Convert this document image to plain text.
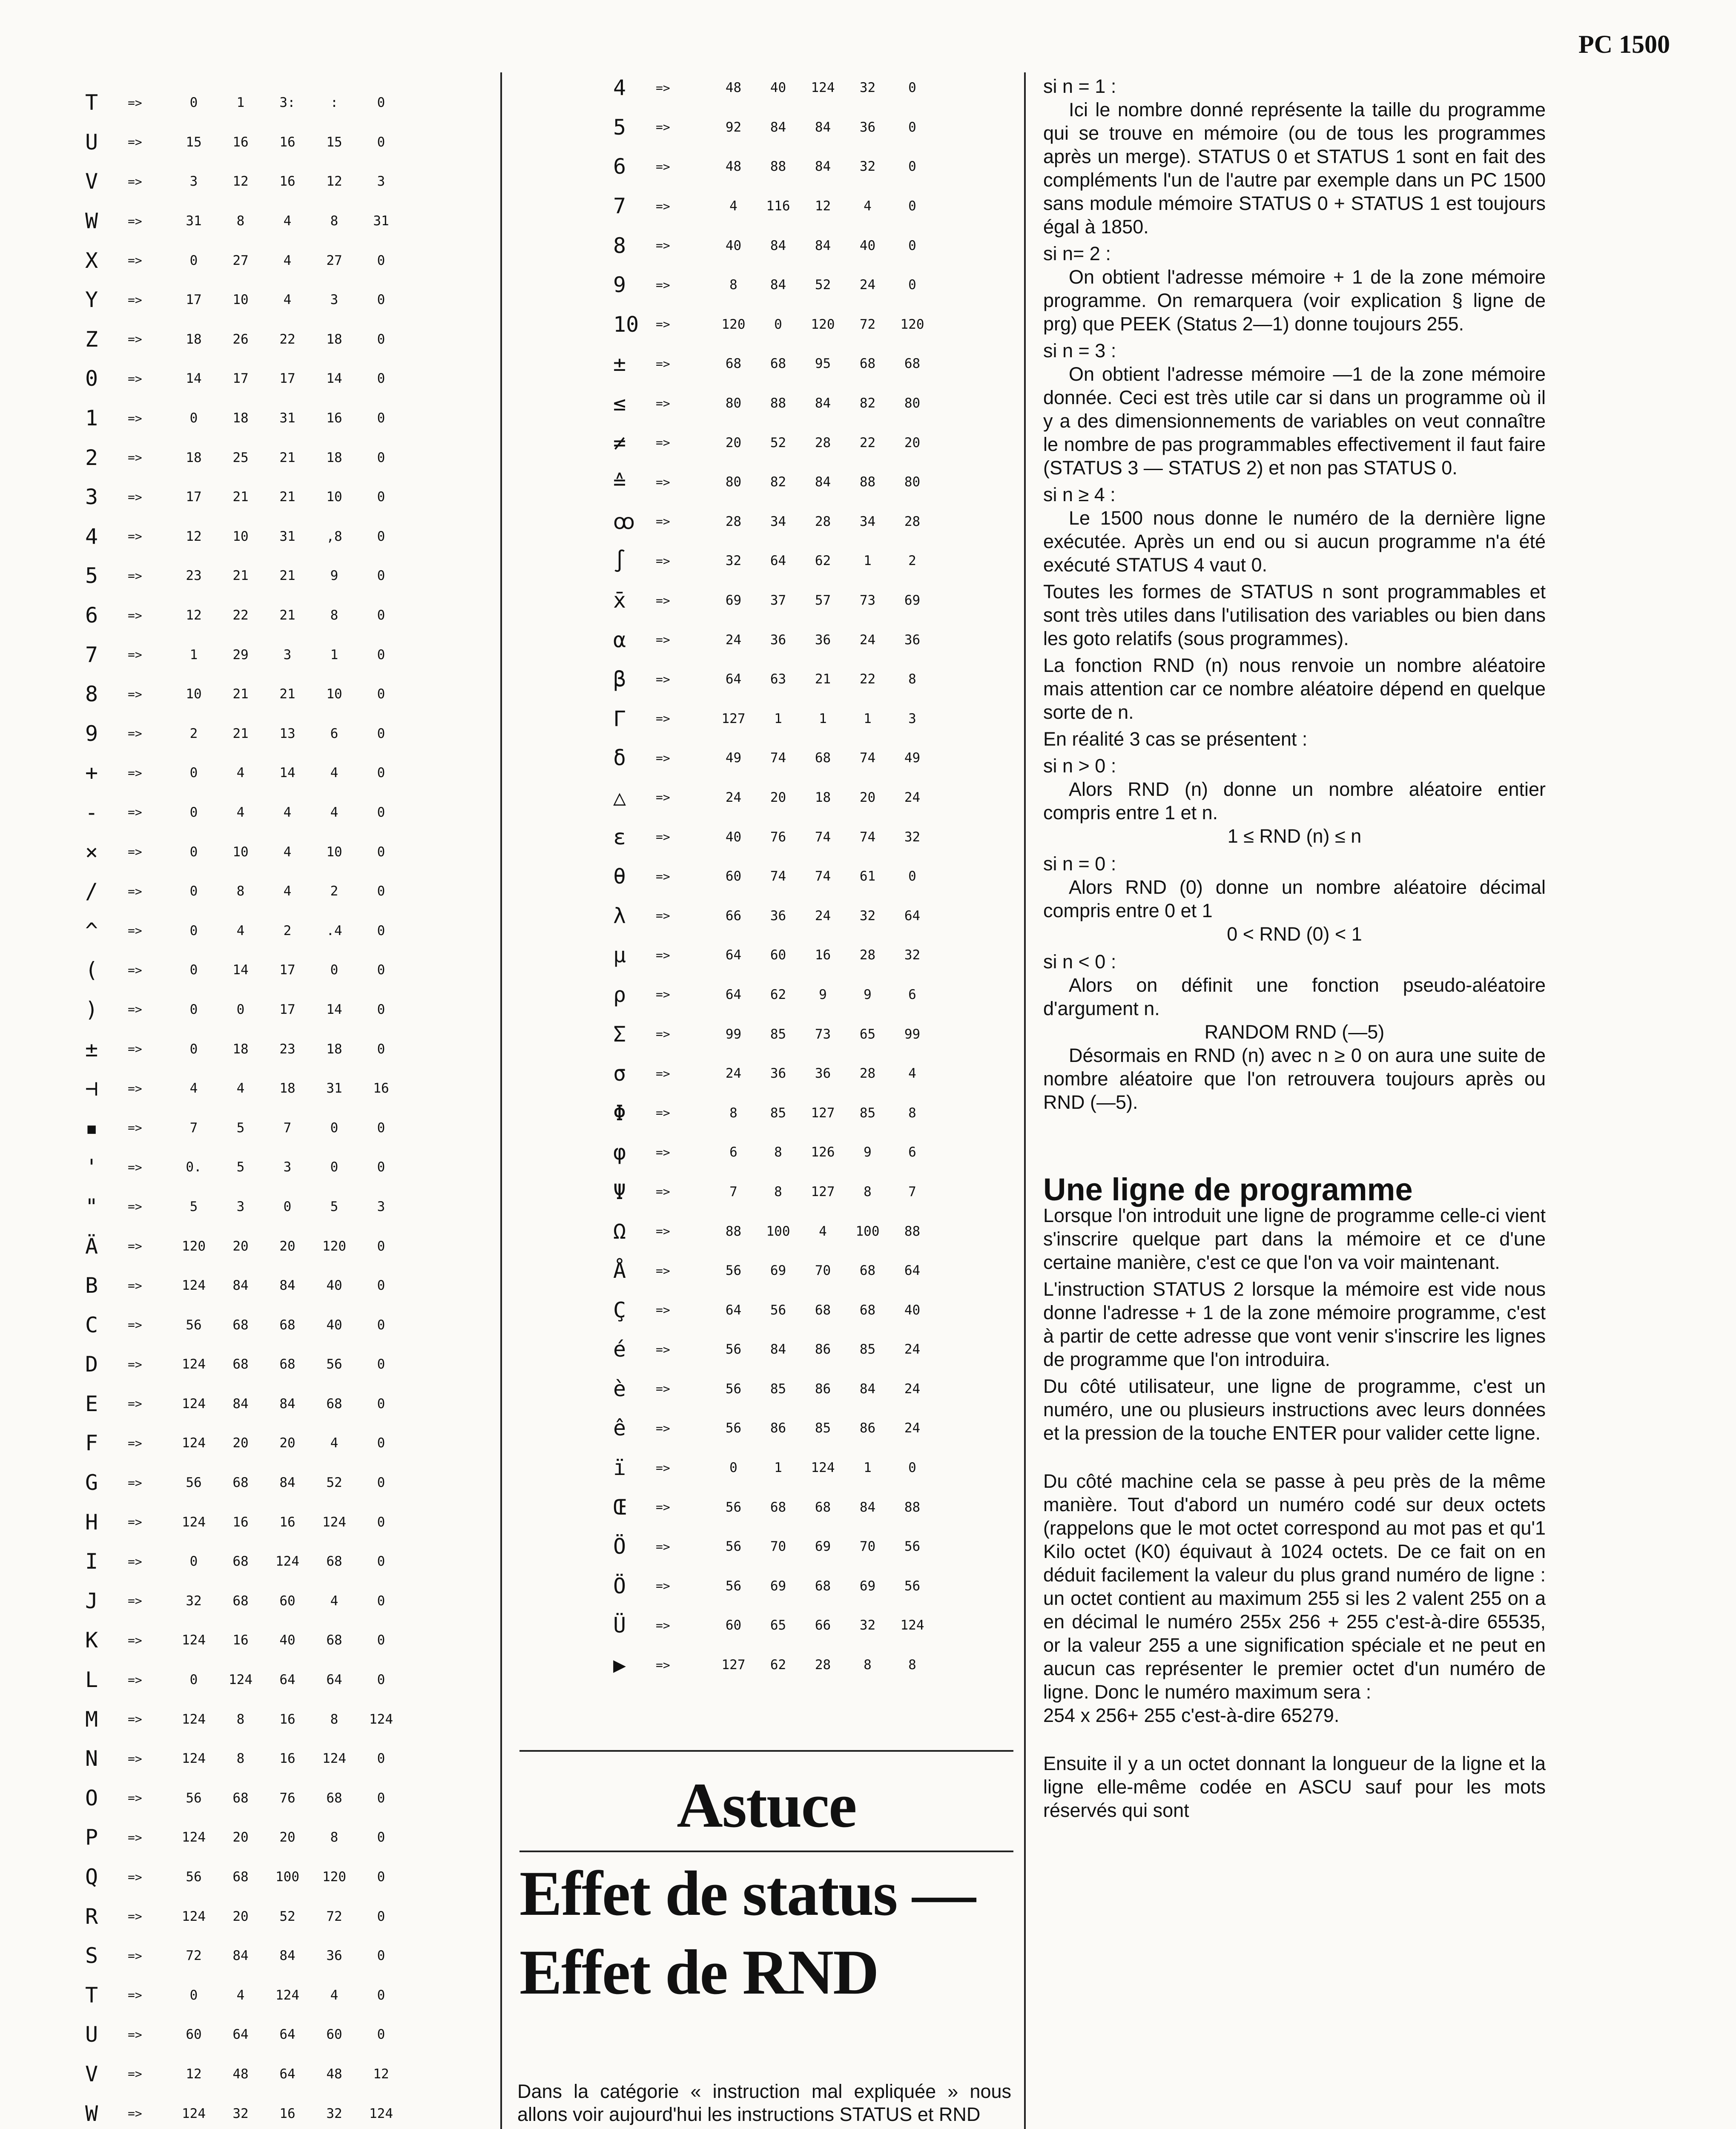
PC 1500
T	=>	0	1	3:	:	0
U	=>	15	16	16	15	0
V	=>	3	12	16	12	3
W	=>	31	8	4	8	31
X	=>	0	27	4	27	0
Y	=>	17	10	4	3	0
Z	=>	18	26	22	18	0
0	=>	14	17	17	14	0
1	=>	0	18	31	16	0
2	=>	18	25	21	18	0
3	=>	17	21	21	10	0
4	=>	12	10	31	,8	0
5	=>	23	21	21	9	0
6	=>	12	22	21	8	0
7	=>	1	29	3	1	0
8	=>	10	21	21	10	0
9	=>	2	21	13	6	0
+	=>	0	4	14	4	0
-	=>	0	4	4	4	0
×	=>	0	10	4	10	0
/	=>	0	8	4	2	0
^	=>	0	4	2	.4	0
(	=>	0	14	17	0	0
)	=>	0	0	17	14	0
±	=>	0	18	23	18	0
⊣	=>	4	4	18	31	16
▪	=>	7	5	7	0	0
'	=>	0.	5	3	0	0
"	=>	5	3	0	5	3
Ä	=>	120	20	20	120	0
B	=>	124	84	84	40	0
C	=>	56	68	68	40	0
D	=>	124	68	68	56	0
E	=>	124	84	84	68	0
F	=>	124	20	20	4	0
G	=>	56	68	84	52	0
H	=>	124	16	16	124	0
I	=>	0	68	124	68	0
J	=>	32	68	60	4	0
K	=>	124	16	40	68	0
L	=>	0	124	64	64	0
M	=>	124	8	16	8	124
N	=>	124	8	16	124	0
O	=>	56	68	76	68	0
P	=>	124	20	20	8	0
Q	=>	56	68	100	120	0
R	=>	124	20	52	72	0
S	=>	72	84	84	36	0
T	=>	0	4	124	4	0
U	=>	60	64	64	60	0
V	=>	12	48	64	48	12
W	=>	124	32	16	32	124
4	=>	48	40	124	32	0
5	=>	92	84	84	36	0
6	=>	48	88	84	32	0
7	=>	4	116	12	4	0
8	=>	40	84	84	40	0
9	=>	8	84	52	24	0
10	=>	120	0	120	72	120
±	=>	68	68	95	68	68
≤	=>	80	88	84	82	80
≠	=>	20	52	28	22	20
≙	=>	80	82	84	88	80
ꝏ	=>	28	34	28	34	28
∫	=>	32	64	62	1	2
x̄	=>	69	37	57	73	69
α	=>	24	36	36	24	36
β	=>	64	63	21	22	8
Γ	=>	127	1	1	1	3
δ	=>	49	74	68	74	49
△	=>	24	20	18	20	24
ε	=>	40	76	74	74	32
θ	=>	60	74	74	61	0
λ	=>	66	36	24	32	64
μ	=>	64	60	16	28	32
ρ	=>	64	62	9	9	6
Σ	=>	99	85	73	65	99
σ	=>	24	36	36	28	4
Φ	=>	8	85	127	85	8
φ	=>	6	8	126	9	6
Ψ	=>	7	8	127	8	7
Ω	=>	88	100	4	100	88
Å	=>	56	69	70	68	64
Ç	=>	64	56	68	68	40
é	=>	56	84	86	85	24
è	=>	56	85	86	84	24
ê	=>	56	86	85	86	24
ï	=>	0	1	124	1	0
Œ	=>	56	68	68	84	88
Ö	=>	56	70	69	70	56
Ö	=>	56	69	68	69	56
Ü	=>	60	65	66	32	124
▶	=>	127	62	28	8	8
Astuce
Effet de status —
Effet de RND

Dans la catégorie « instruction mal expliquée » nous allons voir aujourd'hui les instructions STATUS et RND

si n = 1 :

Ici le nombre donné représente la taille du programme qui se trouve en mémoire (ou de tous les programmes après un merge). STATUS 0 et STATUS 1 sont en fait des compléments l'un de l'autre par exemple dans un PC 1500 sans module mémoire STATUS 0 + STATUS 1 est toujours égal à 1850.

si n= 2 :

On obtient l'adresse mémoire + 1 de la zone mémoire programme. On remarquera (voir explication § ligne de prg) que PEEK (Status 2—1) donne toujours 255.

si n = 3 :

On obtient l'adresse mémoire —1 de la zone mémoire donnée. Ceci est très utile car si dans un programme où il y a des dimensionnements de variables on veut connaître le nombre de pas programmables effectivement il faut faire (STATUS 3 — STATUS 2) et non pas STATUS 0.

si n ≥ 4 :

Le 1500 nous donne le numéro de la dernière ligne exécutée. Après un end ou si aucun programme n'a été exécuté STATUS 4 vaut 0.

Toutes les formes de STATUS n sont programmables et sont très utiles dans l'utilisation des variables ou bien dans les goto relatifs (sous programmes).

La fonction RND (n) nous renvoie un nombre aléatoire mais attention car ce nombre aléatoire dépend en quelque sorte de n.

En réalité 3 cas se présentent :

si n > 0 :

Alors RND (n) donne un nombre aléatoire entier compris entre 1 et n.

1 ≤ RND (n) ≤ n

si n = 0 :

Alors RND (0) donne un nombre aléatoire décimal compris entre 0 et 1

0 < RND (0) < 1

si n < 0 :

Alors on définit une fonction pseudo-aléatoire d'argument n.

RANDOM RND (—5)

Désormais en RND (n) avec n ≥ 0 on aura une suite de nombre aléatoire que l'on retrouvera toujours après ou RND (—5).

Une ligne de programme

Lorsque l'on introduit une ligne de programme celle-ci vient s'inscrire quelque part dans la mémoire et ce d'une certaine manière, c'est ce que l'on va voir maintenant.

L'instruction STATUS 2 lorsque la mémoire est vide nous donne l'adresse + 1 de la zone mémoire programme, c'est à partir de cette adresse que vont venir s'inscrire les lignes de programme que l'on introduira.

Du côté utilisateur, une ligne de programme, c'est un numéro, une ou plusieurs instructions avec leurs données et la pression de la touche ENTER pour valider cette ligne.

Du côté machine cela se passe à peu près de la même manière. Tout d'abord un numéro codé sur deux octets (rappelons que le mot octet correspond au mot pas et qu'1 Kilo octet (K0) équivaut à 1024 octets. De ce fait on en déduit facilement la valeur du plus grand numéro de ligne : un octet contient au maximum 255 si les 2 valent 255 on a en décimal le numéro 255x 256 + 255 c'est-à-dire 65535, or la valeur 255 a une signification spéciale et ne peut en aucun cas représenter le premier octet d'un numéro de ligne. Donc le numéro maximum sera :

254 x 256+ 255 c'est-à-dire 65279.

Ensuite il y a un octet donnant la longueur de la ligne et la ligne elle-même codée en ASCU sauf pour les mots réservés qui sont
